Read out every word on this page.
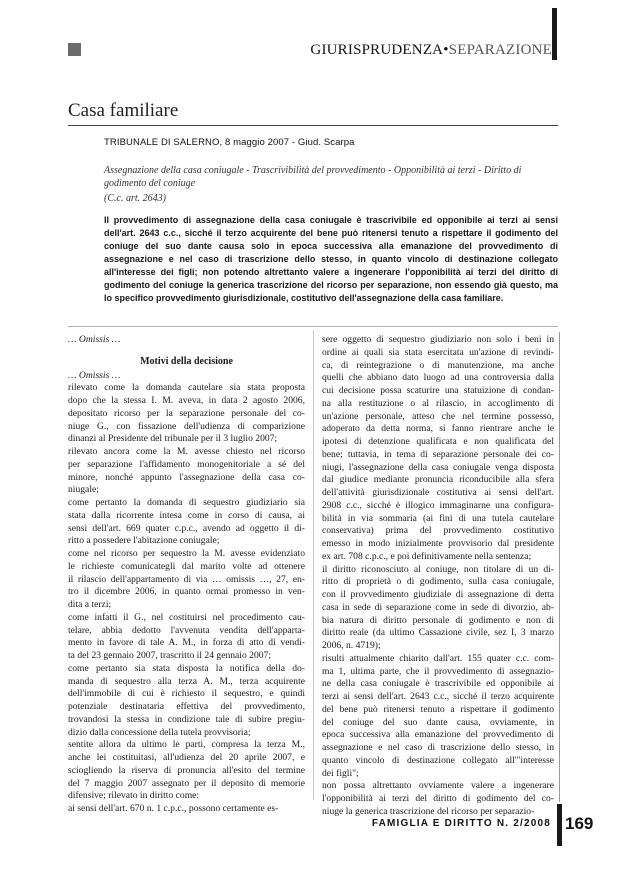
GIURISPRUDENZA•SEPARAZIONE
Casa familiare
TRIBUNALE DI SALERNO, 8 maggio 2007 - Giud. Scarpa
Assegnazione della casa coniugale - Trascrivibilità del provvedimento - Opponibilità ai terzi - Diritto di godimento del coniuge
(C.c. art. 2643)
Il provvedimento di assegnazione della casa coniugale è trascrivibile ed opponibile ai terzi ai sensi dell'art. 2643 c.c., sicché il terzo acquirente del bene può ritenersi tenuto a rispettare il godimento del coniuge del suo dante causa solo in epoca successiva alla emanazione del provvedimento di assegnazione e nel caso di trascrizione dello stesso, in quanto vincolo di destinazione collegato all'interesse dei figli; non potendo altrettanto valere a ingenerare l'opponibilità ai terzi del diritto di godimento del coniuge la generica trascrizione del ricorso per separazione, non essendo già questo, ma lo specifico provvedimento giurisdizionale, costitutivo dell'assegnazione della casa familiare.
… Omissis …
Motivi della decisione
… Omissis …
rilevato come la domanda cautelare sia stata proposta
dopo che la stessa I. M. aveva, in data 2 agosto 2006,
depositato ricorso per la separazione personale del co-
niuge G., con fissazione dell'udienza di comparizione
dinanzi al Presidente del tribunale per il 3 luglio 2007;
rilevato ancora come la M. avesse chiesto nel ricorso
per separazione l'affidamento monogenitoriale a sé del
minore, nonché appunto l'assegnazione della casa co-
niugale;
come pertanto la domanda di sequestro giudiziario sia
stata dalla ricorrente intesa come in corso di causa, ai
sensi dell'art. 669 quater c.p.c., avendo ad oggetto il di-
ritto a possedere l'abitazione coniugale;
come nel ricorso per sequestro la M. avesse evidenziato
le richieste comunicategli dal marito volte ad ottenere
il rilascio dell'appartamento di via … omissis …, 27, en-
tro il dicembre 2006, in quanto ormai promesso in ven-
dita a terzi;
come infatti il G., nel costituirsi nel procedimento cau-
telare, abbia dedotto l'avvenuta vendita dell'apparta-
mento in favore di tale A. M., in forza di atto di vendi-
ta del 23 gennaio 2007, trascritto il 24 gennaio 2007;
come pertanto sia stata disposta la notifica della do-
manda di sequestro alla terza A. M., terza acquirente
dell'immobile di cui è richiesto il sequestro, e quindi
potenziale destinataria effettiva del provvedimento,
trovandosi la stessa in condizione tale di subire pregiu-
dizio dalla concessione della tutela provvisoria;
sentite allora da ultimo le parti, compresa la terza M.,
anche lei costituitasi, all'udienza del 20 aprile 2007, e
sciogliendo la riserva di pronuncia all'esito del termine
del 7 maggio 2007 assegnato per il deposito di memorie
difensive; rilevato in diritto come:
ai sensi dell'art. 670 n. 1 c.p.c., possono certamente es-
sere oggetto di sequestro giudiziario non solo i beni in
ordine ai quali sia stata esercitata un'azione di revindi-
ca, di reintegrazione o di manutenzione, ma anche
quelli che abbiano dato luogo ad una controversia dalla
cui decisione possa scaturire una statuizione di condan-
na alla restituzione o al rilascio, in accoglimento di
un'azione personale, atteso che nel termine possesso,
adoperato da detta norma, si fanno rientrare anche le
ipotesi di detenzione qualificata e non qualificata del
bene; tuttavia, in tema di separazione personale dei co-
niugi, l'assegnazione della casa coniugale venga disposta
dal giudice mediante pronuncia riconducibile alla sfera
dell'attività giurisdizionale costitutiva ai sensi dell'art.
2908 c.c., sicché è illogico immaginarne una configura-
bilità in via sommaria (ai fini di una tutela cautelare
conservativa) prima del provvedimento costitutivo
emesso in modo inizialmente provvisorio dal presidente
ex art. 708 c.p.c., e poi definitivamente nella sentenza;
il diritto riconosciuto al coniuge, non titolare di un di-
ritto di proprietà o di godimento, sulla casa coniugale,
con il provvedimento giudiziale di assegnazione di detta
casa in sede di separazione come in sede di divorzio, ab-
bia natura di diritto personale di godimento e non di
diritto reale (da ultimo Cassazione civile, sez I, 3 marzo
2006, n. 4719);
risulti attualmente chiarito dall'art. 155 quater c.c. com-
ma 1, ultima parte, che il provvedimento di assegnazio-
ne della casa coniugale è trascrivibile ed opponibile ai
terzi ai sensi dell'art. 2643 c.c., sicché il terzo acquirente
del bene può ritenersi tenuto a rispettare il godimento
del coniuge del suo dante causa, ovviamente, in
epoca successiva alla emanazione del provvedimento di
assegnazione e nel caso di trascrizione dello stesso, in
quanto vincolo di destinazione collegato all'"interesse
dei figli";
non possa altrettanto ovviamente valere a ingenerare
l'opponibilità ai terzi del diritto di godimento del co-
niuge la generica trascrizione del ricorso per separazio-
FAMIGLIA E DIRITTO N. 2/2008 169
